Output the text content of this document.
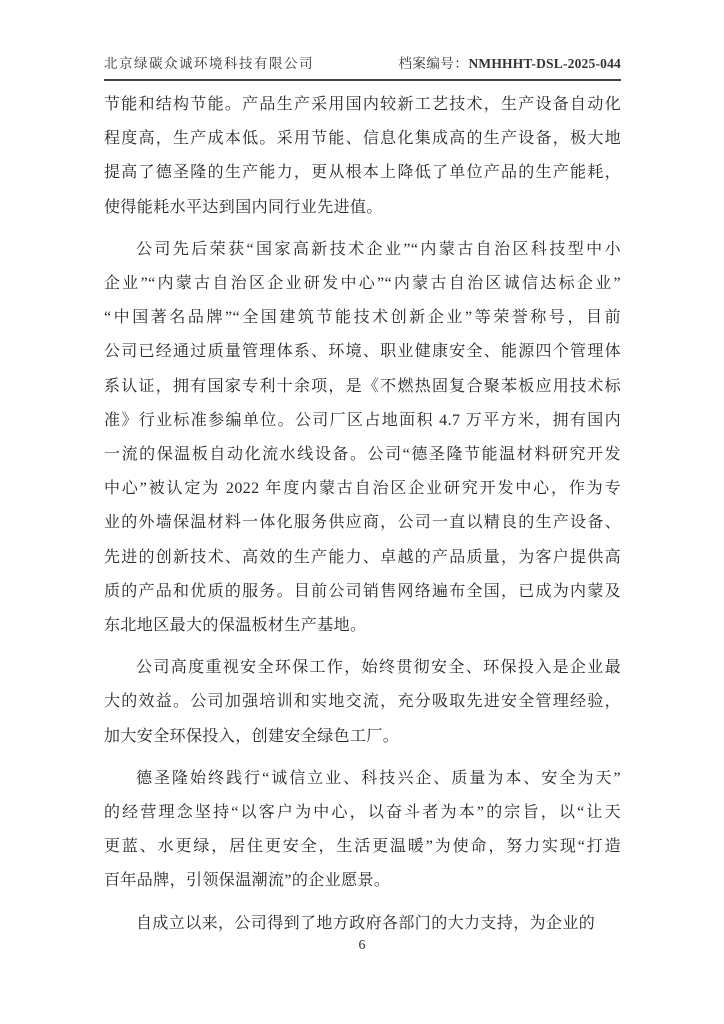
北京绿碳众诚环境科技有限公司	档案编号：NMHHHT-DSL-2025-044
节能和结构节能。产品生产采用国内较新工艺技术，生产设备自动化
程度高，生产成本低。采用节能、信息化集成高的生产设备，极大地
提高了德圣隆的生产能力，更从根本上降低了单位产品的生产能耗，
使得能耗水平达到国内同行业先进值。
公司先后荣获“国家高新技术企业”“内蒙古自治区科技型中小
企业”“内蒙古自治区企业研发中心”“内蒙古自治区诚信达标企业”
“中国著名品牌”“全国建筑节能技术创新企业”等荣誉称号，目前
公司已经通过质量管理体系、环境、职业健康安全、能源四个管理体
系认证，拥有国家专利十余项，是《不燃热固复合聚苯板应用技术标
准》行业标准参编单位。公司厂区占地面积 4.7 万平方米，拥有国内
一流的保温板自动化流水线设备。公司“德圣隆节能温材料研究开发
中心”被认定为 2022 年度内蒙古自治区企业研究开发中心，作为专
业的外墙保温材料一体化服务供应商，公司一直以精良的生产设备、
先进的创新技术、高效的生产能力、卓越的产品质量，为客户提供高
质的产品和优质的服务。目前公司销售网络遍布全国，已成为内蒙及
东北地区最大的保温板材生产基地。
公司高度重视安全环保工作，始终贯彻安全、环保投入是企业最
大的效益。公司加强培训和实地交流，充分吸取先进安全管理经验，
加大安全环保投入，创建安全绿色工厂。
德圣隆始终践行“诚信立业、科技兴企、质量为本、安全为天”
的经营理念坚持“以客户为中心，以奋斗者为本”的宗旨，以“让天
更蓝、水更绿，居住更安全，生活更温暖”为使命，努力实现“打造
百年品牌，引领保温潮流”的企业愿景。
自成立以来，公司得到了地方政府各部门的大力支持，为企业的
6
